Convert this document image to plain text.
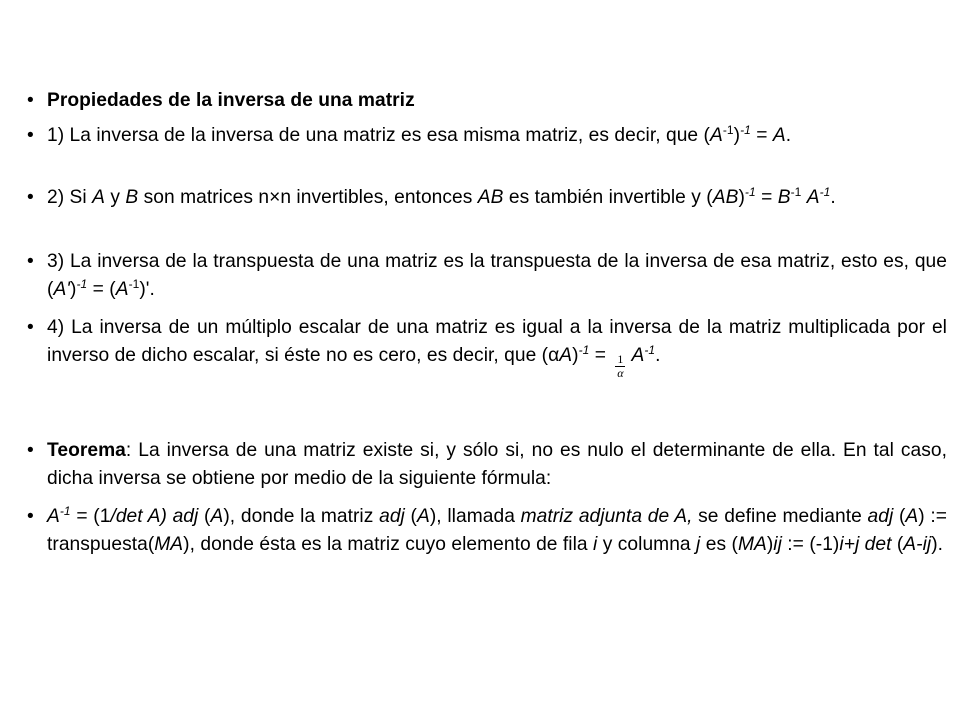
• Propiedades de la inversa de una matriz
• 1) La inversa de la inversa de una matriz es esa misma matriz, es decir, que $(A^{-1})^{-1} = A$.
• 2) Si A y B son matrices n×n invertibles, entonces AB es también invertible y $(AB)^{-1} = B^{-1}$ $A^{-1}$.
• 3) La inversa de la transpuesta de una matriz es la transpuesta de la inversa de esa matriz, esto es, que $(A')^{-1} = (A^{-1})'$.
• 4) La inversa de un múltiplo escalar de una matriz es igual a la inversa de la matriz multiplicada por el inverso de dicho escalar, si éste no es cero, es decir, que $(\alpha A)^{-1} = \frac{1}{\alpha} A^{-1}$.
• Teorema: La inversa de una matriz existe si, y sólo si, no es nulo el determinante de ella. En tal caso, dicha inversa se obtiene por medio de la siguiente fórmula:
• $A^{-1} = (1/\det$ A) adj (A), donde la matriz adj (A), llamada matriz adjunta de A, se define mediante adj (A) := transpuesta(MA), donde ésta es la matriz cuyo elemento de fila i y columna j es (MA)ij := (-1)i+j det (A-ij).
